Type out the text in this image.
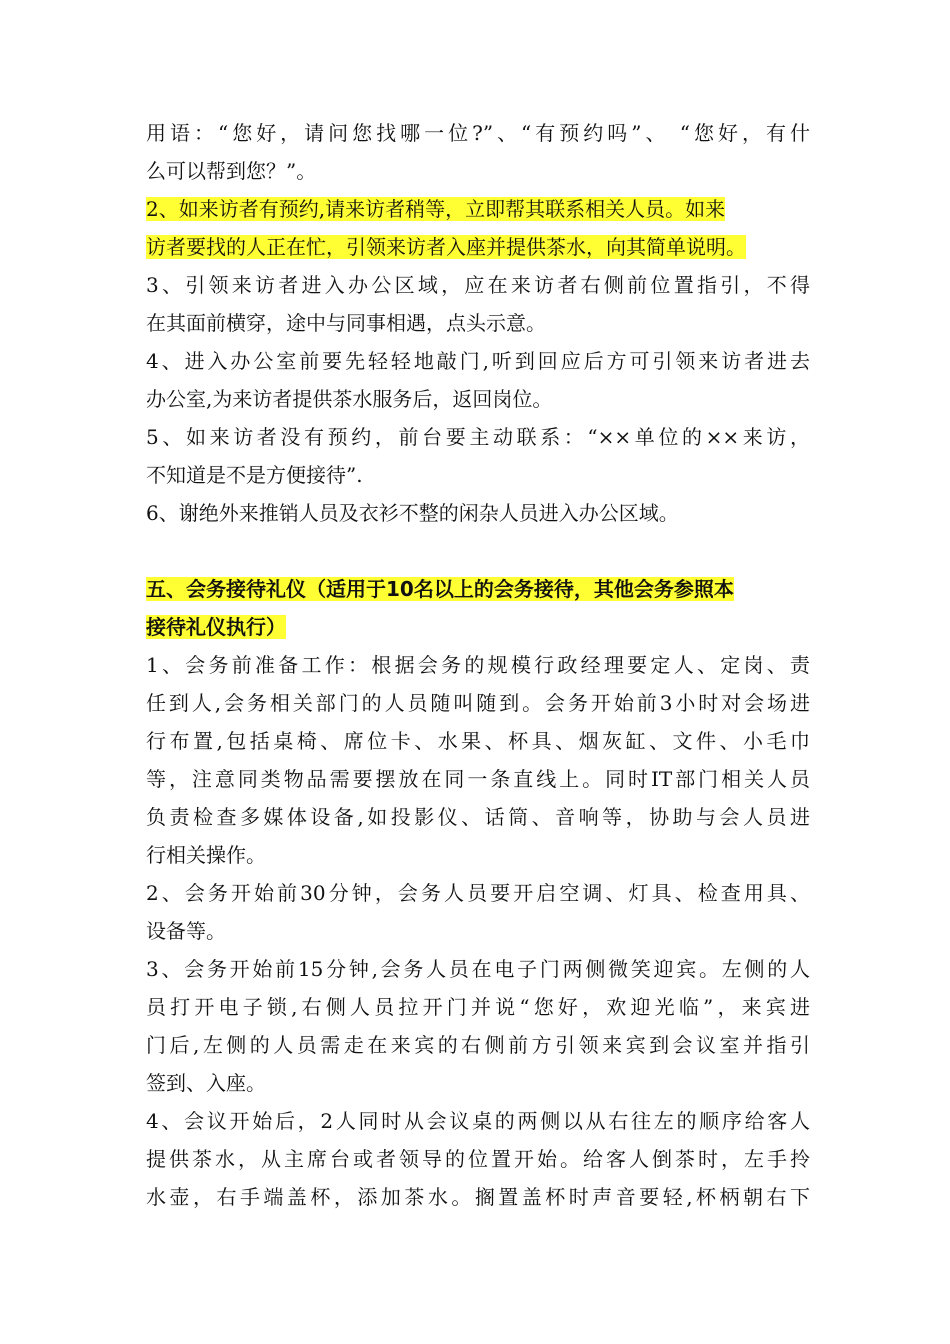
用语：“您好，请问您找哪一位?”、“有预约吗”、 “您好，有什
么可以帮到您？”。
2、如来访者有预约,请来访者稍等，立即帮其联系相关人员。如来
访者要找的人正在忙，引领来访者入座并提供茶水，向其简单说明。
3、引领来访者进入办公区域，应在来访者右侧前位置指引，不得
在其面前横穿，途中与同事相遇，点头示意。
4、进入办公室前要先轻轻地敲门,听到回应后方可引领来访者进去
办公室,为来访者提供茶水服务后，返回岗位。
5、如来访者没有预约，前台要主动联系：“××单位的××来访，
不知道是不是方便接待”.
6、谢绝外来推销人员及衣衫不整的闲杂人员进入办公区域。
五、会务接待礼仪（适用于10名以上的会务接待，其他会务参照本
接待礼仪执行）
1、会务前准备工作：根据会务的规模行政经理要定人、定岗、责
任到人,会务相关部门的人员随叫随到。会务开始前3小时对会场进
行布置,包括桌椅、席位卡、水果、杯具、烟灰缸、文件、小毛巾
等，注意同类物品需要摆放在同一条直线上。同时IT部门相关人员
负责检查多媒体设备,如投影仪、话筒、音响等，协助与会人员进
行相关操作。
2、会务开始前30分钟，会务人员要开启空调、灯具、检查用具、
设备等。
3、会务开始前15分钟,会务人员在电子门两侧微笑迎宾。左侧的人
员打开电子锁,右侧人员拉开门并说“您好，欢迎光临”，来宾进
门后,左侧的人员需走在来宾的右侧前方引领来宾到会议室并指引
签到、入座。
4、会议开始后，2人同时从会议桌的两侧以从右往左的顺序给客人
提供茶水，从主席台或者领导的位置开始。给客人倒茶时，左手拎
水壶，右手端盖杯，添加茶水。搁置盖杯时声音要轻,杯柄朝右下
